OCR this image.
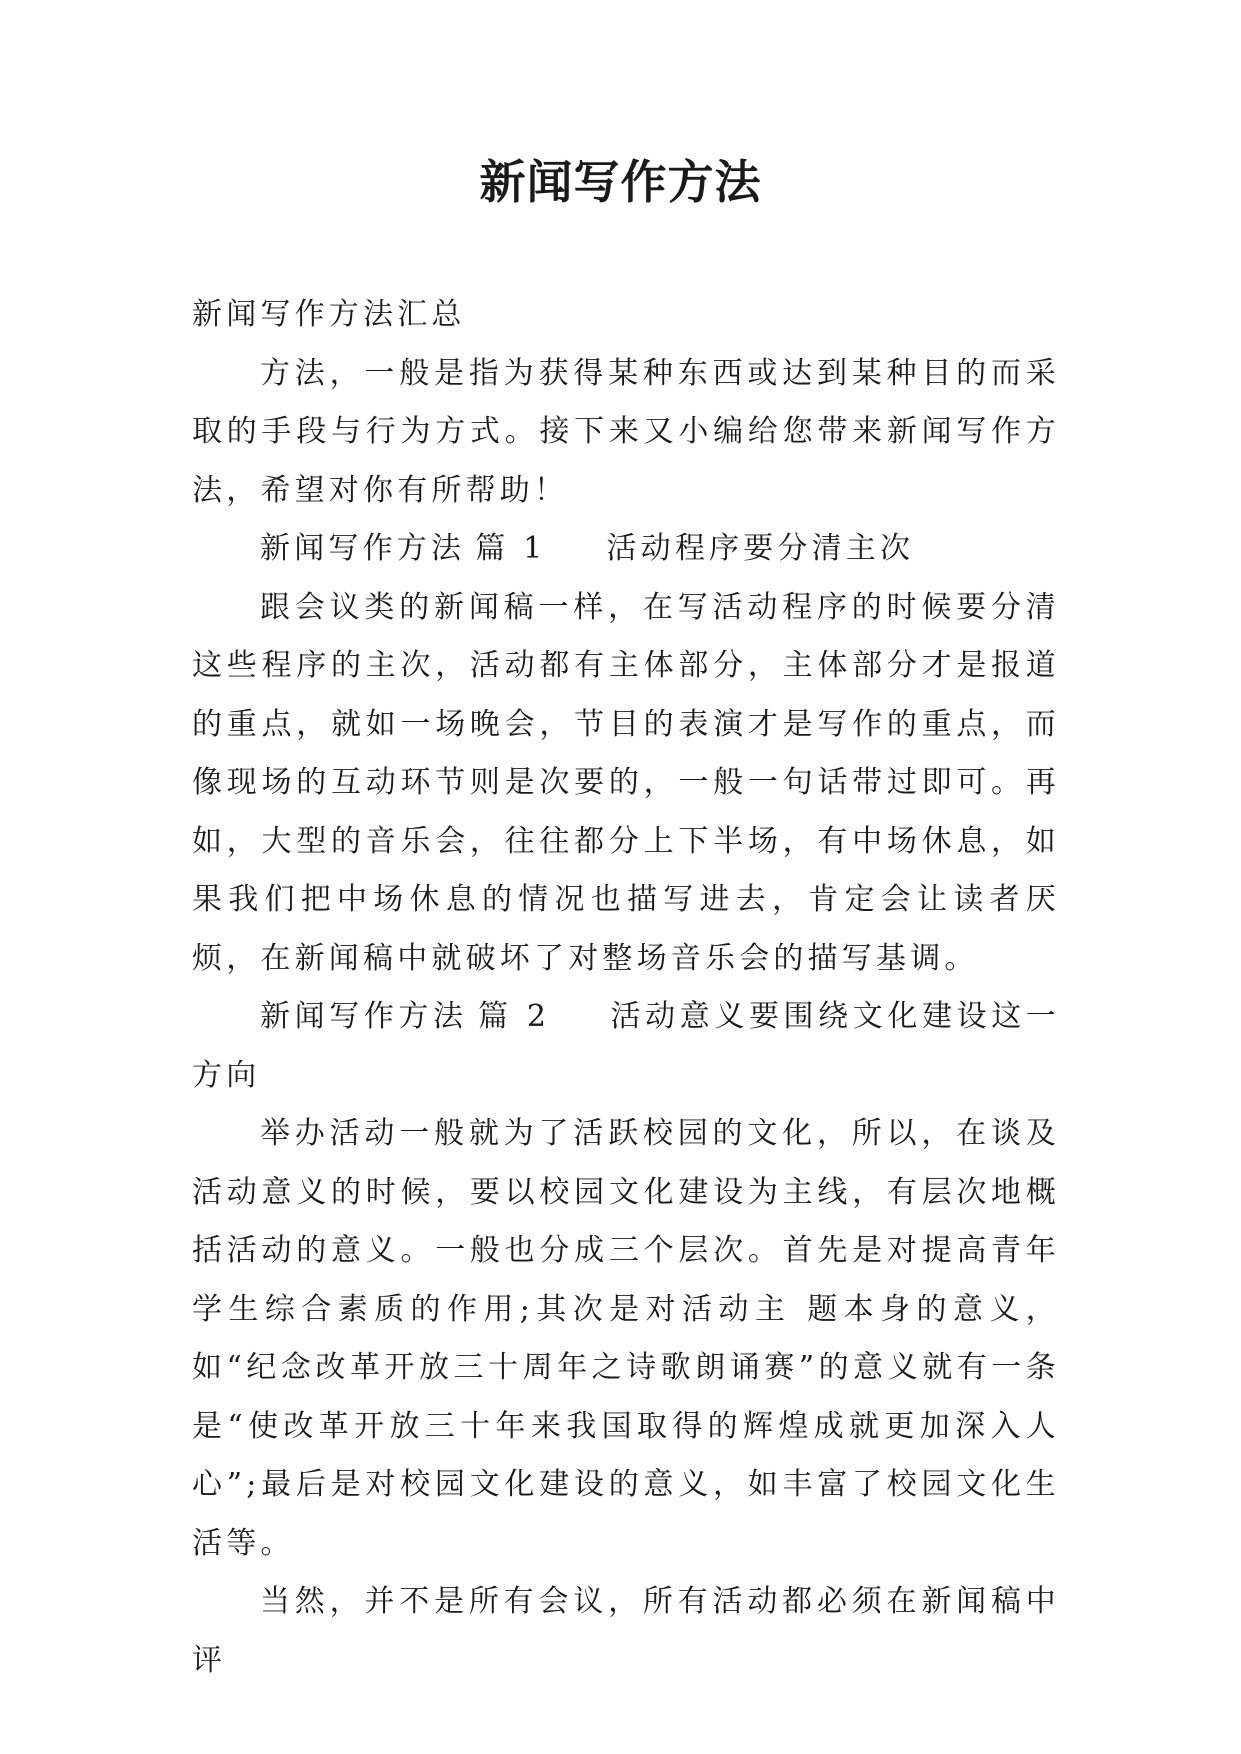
新闻写作方法

新闻写作方法汇总

方法，一般是指为获得某种东西或达到某种目的而采取的手段与行为方式。接下来又小编给您带来新闻写作方法，希望对你有所帮助！

新闻写作方法 篇 1 活动程序要分清主次

跟会议类的新闻稿一样，在写活动程序的时候要分清这些程序的主次，活动都有主体部分，主体部分才是报道的重点，就如一场晚会，节目的表演才是写作的重点，而像现场的互动环节则是次要的，一般一句话带过即可。再如，大型的音乐会，往往都分上下半场，有中场休息，如果我们把中场休息的情况也描写进去，肯定会让读者厌烦，在新闻稿中就破坏了对整场音乐会的描写基调。

新闻写作方法 篇 2 活动意义要围绕文化建设这一方向

举办活动一般就为了活跃校园的文化，所以，在谈及活动意义的时候，要以校园文化建设为主线，有层次地概括活动的意义。一般也分成三个层次。首先是对提高青年学生综合素质的作用;其次是对活动主 题本身的意义，如“纪念改革开放三十周年之诗歌朗诵赛”的意义就有一条是“使改革开放三十年来我国取得的辉煌成就更加深入人心”;最后是对校园文化建设的意义，如丰富了校园文化生活等。

当然，并不是所有会议，所有活动都必须在新闻稿中评
